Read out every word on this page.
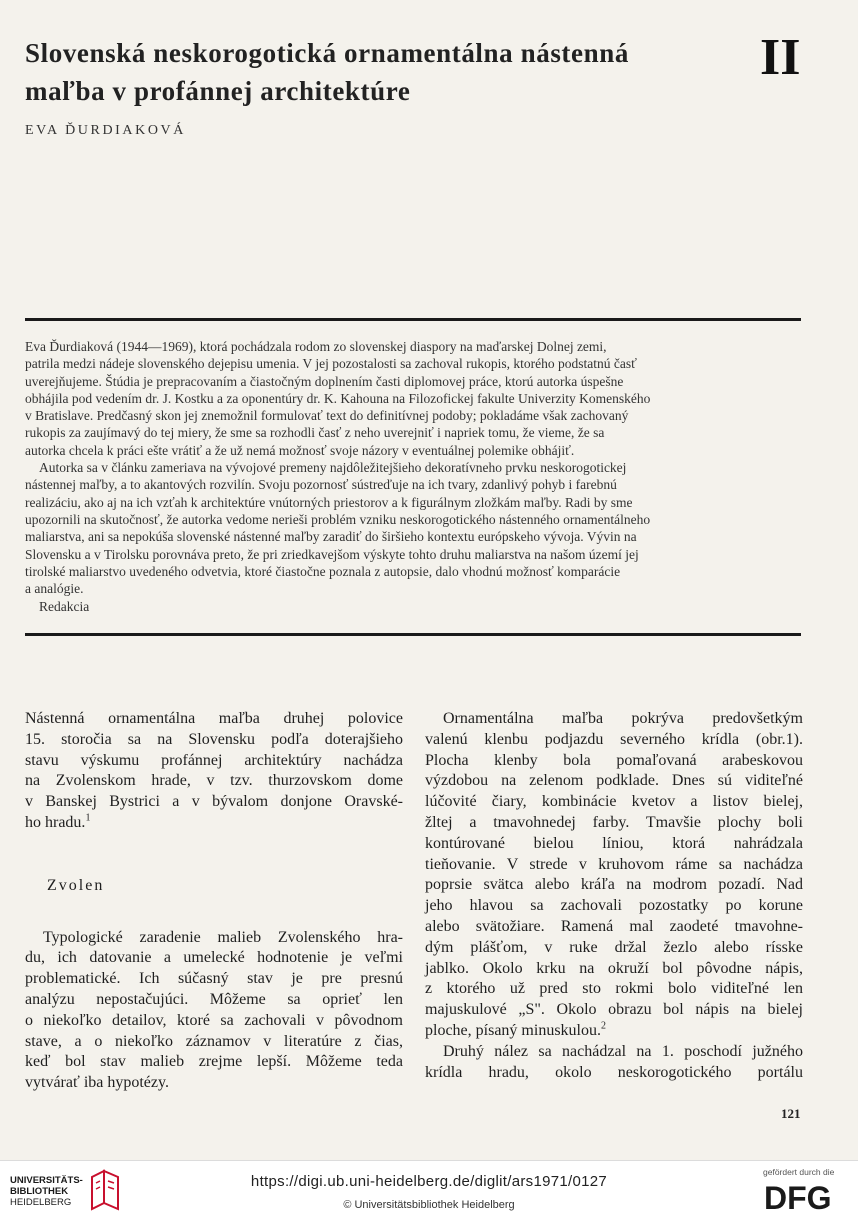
Slovenská neskorogotická ornamentálna nástenná
maľba v profánnej architektúre
II
EVA ĎURDIAKOVÁ

Eva Ďurdiaková (1944—1969), ktorá pochádzala rodom zo slovenskej diaspory na maďarskej Dolnej zemi,
patrila medzi nádeje slovenského dejepisu umenia. V jej pozostalosti sa zachoval rukopis, ktorého podstatnú časť
uverejňujeme. Štúdia je prepracovaním a čiastočným doplnením časti diplomovej práce, ktorú autorka úspešne
obhájila pod vedením dr. J. Kostku a za oponentúry dr. K. Kahouna na Filozofickej fakulte Univerzity Komenského
v Bratislave. Predčasný skon jej znemožnil formulovať text do definitívnej podoby; pokladáme však zachovaný
rukopis za zaujímavý do tej miery, že sme sa rozhodli časť z neho uverejniť i napriek tomu, že vieme, že sa
autorka chcela k práci ešte vrátiť a že už nemá možnosť svoje názory v eventuálnej polemike obhájiť.

Autorka sa v článku zameriava na vývojové premeny najdôležitejšieho dekoratívneho prvku neskorogotickej
nástennej maľby, a to akantových rozvilín. Svoju pozornosť sústreďuje na ich tvary, zdanlivý pohyb i farebnú
realizáciu, ako aj na ich vzťah k architektúre vnútorných priestorov a k figurálnym zložkám maľby. Radi by sme
upozornili na skutočnosť, že autorka vedome nerieši problém vzniku neskorogotického nástenného ornamentálneho
maliarstva, ani sa nepokúša slovenské nástenné maľby zaradiť do širšieho kontextu európskeho vývoja. Vývin na
Slovensku a v Tirolsku porovnáva preto, že pri zriedkavejšom výskyte tohto druhu maliarstva na našom území jej
tirolské maliarstvo uvedeného odvetvia, ktoré čiastočne poznala z autopsie, dalo vhodnú možnosť komparácie
a analógie.

Redakcia

Nástenná ornamentálna maľba druhej polovice
15. storočia sa na Slovensku podľa doterajšieho
stavu výskumu profánnej architektúry nachádza
na Zvolenskom hrade, v tzv. thurzovskom dome
v Banskej Bystrici a v bývalom donjone Oravské-
ho hradu.$^1$
Zvolen
Typologické zaradenie malieb Zvolenského hra-
du, ich datovanie a umelecké hodnotenie je veľmi
problematické. Ich súčasný stav je pre presnú
analýzu nepostačujúci. Môžeme sa oprieť len
o niekoľko detailov, ktoré sa zachovali v pôvodnom
stave, a o niekoľko záznamov v literatúre z čias,
keď bol stav malieb zrejme lepší. Môžeme teda
vytvárať iba hypotézy.
Ornamentálna maľba pokrýva predovšetkým
valenú klenbu podjazdu severného krídla (obr.1).
Plocha klenby bola pomaľovaná arabeskovou
výzdobou na zelenom podklade. Dnes sú viditeľné
lúčovité čiary, kombinácie kvetov a listov bielej,
žltej a tmavohnedej farby. Tmavšie plochy boli
kontúrované bielou líniou, ktorá nahrádzala
tieňovanie. V strede v kruhovom ráme sa nachádza
poprsie svätca alebo kráľa na modrom pozadí. Nad
jeho hlavou sa zachovali pozostatky po korune
alebo svätožiare. Ramená mal zaodeté tmavohne-
dým plášťom, v ruke držal žezlo alebo rísske
jablko. Okolo krku na okruží bol pôvodne nápis,
z ktorého už pred sto rokmi bolo viditeľné len
majuskulové „S". Okolo obrazu bol nápis na bielej
ploche, písaný minuskulou.$^2$
Druhý nález sa nachádzal na 1. poschodí južného
krídla hradu, okolo neskorogotického portálu
121
UNIVERSITÄTS-
BIBLIOTHEK
HEIDELBERG
https://digi.ub.uni-heidelberg.de/diglit/ars1971/0127
© Universitätsbibliothek Heidelberg
gefördert durch die
DFG
